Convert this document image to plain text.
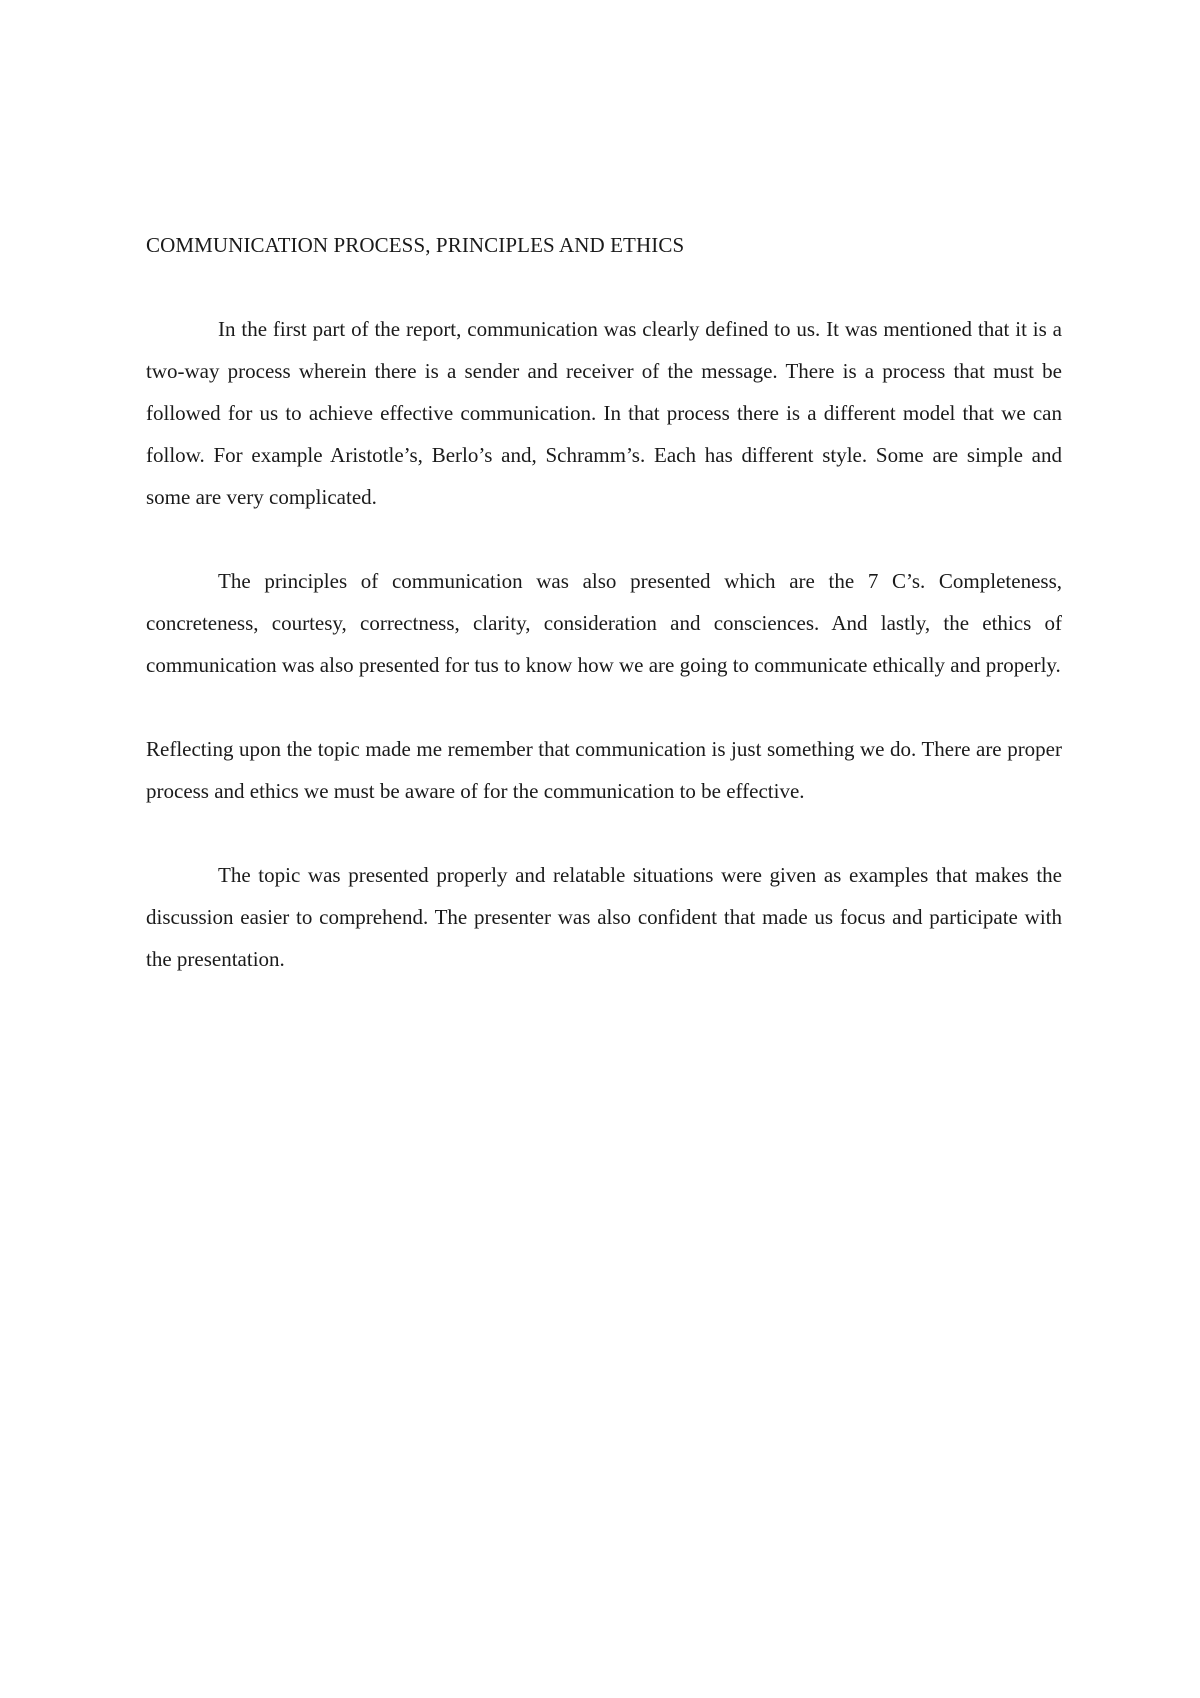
COMMUNICATION PROCESS, PRINCIPLES AND ETHICS

In the first part of the report, communication was clearly defined to us. It was mentioned that it is a two-way process wherein there is a sender and receiver of the message. There is a process that must be followed for us to achieve effective communication. In that process there is a different model that we can follow. For example Aristotle’s, Berlo’s and, Schramm’s. Each has different style. Some are simple and some are very complicated.

The principles of communication was also presented which are the 7 C’s. Completeness, concreteness, courtesy, correctness, clarity, consideration and consciences. And lastly, the ethics of communication was also presented for tus to know how we are going to communicate ethically and properly.

Reflecting upon the topic made me remember that communication is just something we do. There are proper process and ethics we must be aware of for the communication to be effective.

The topic was presented properly and relatable situations were given as examples that makes the discussion easier to comprehend. The presenter was also confident that made us focus and participate with the presentation.
